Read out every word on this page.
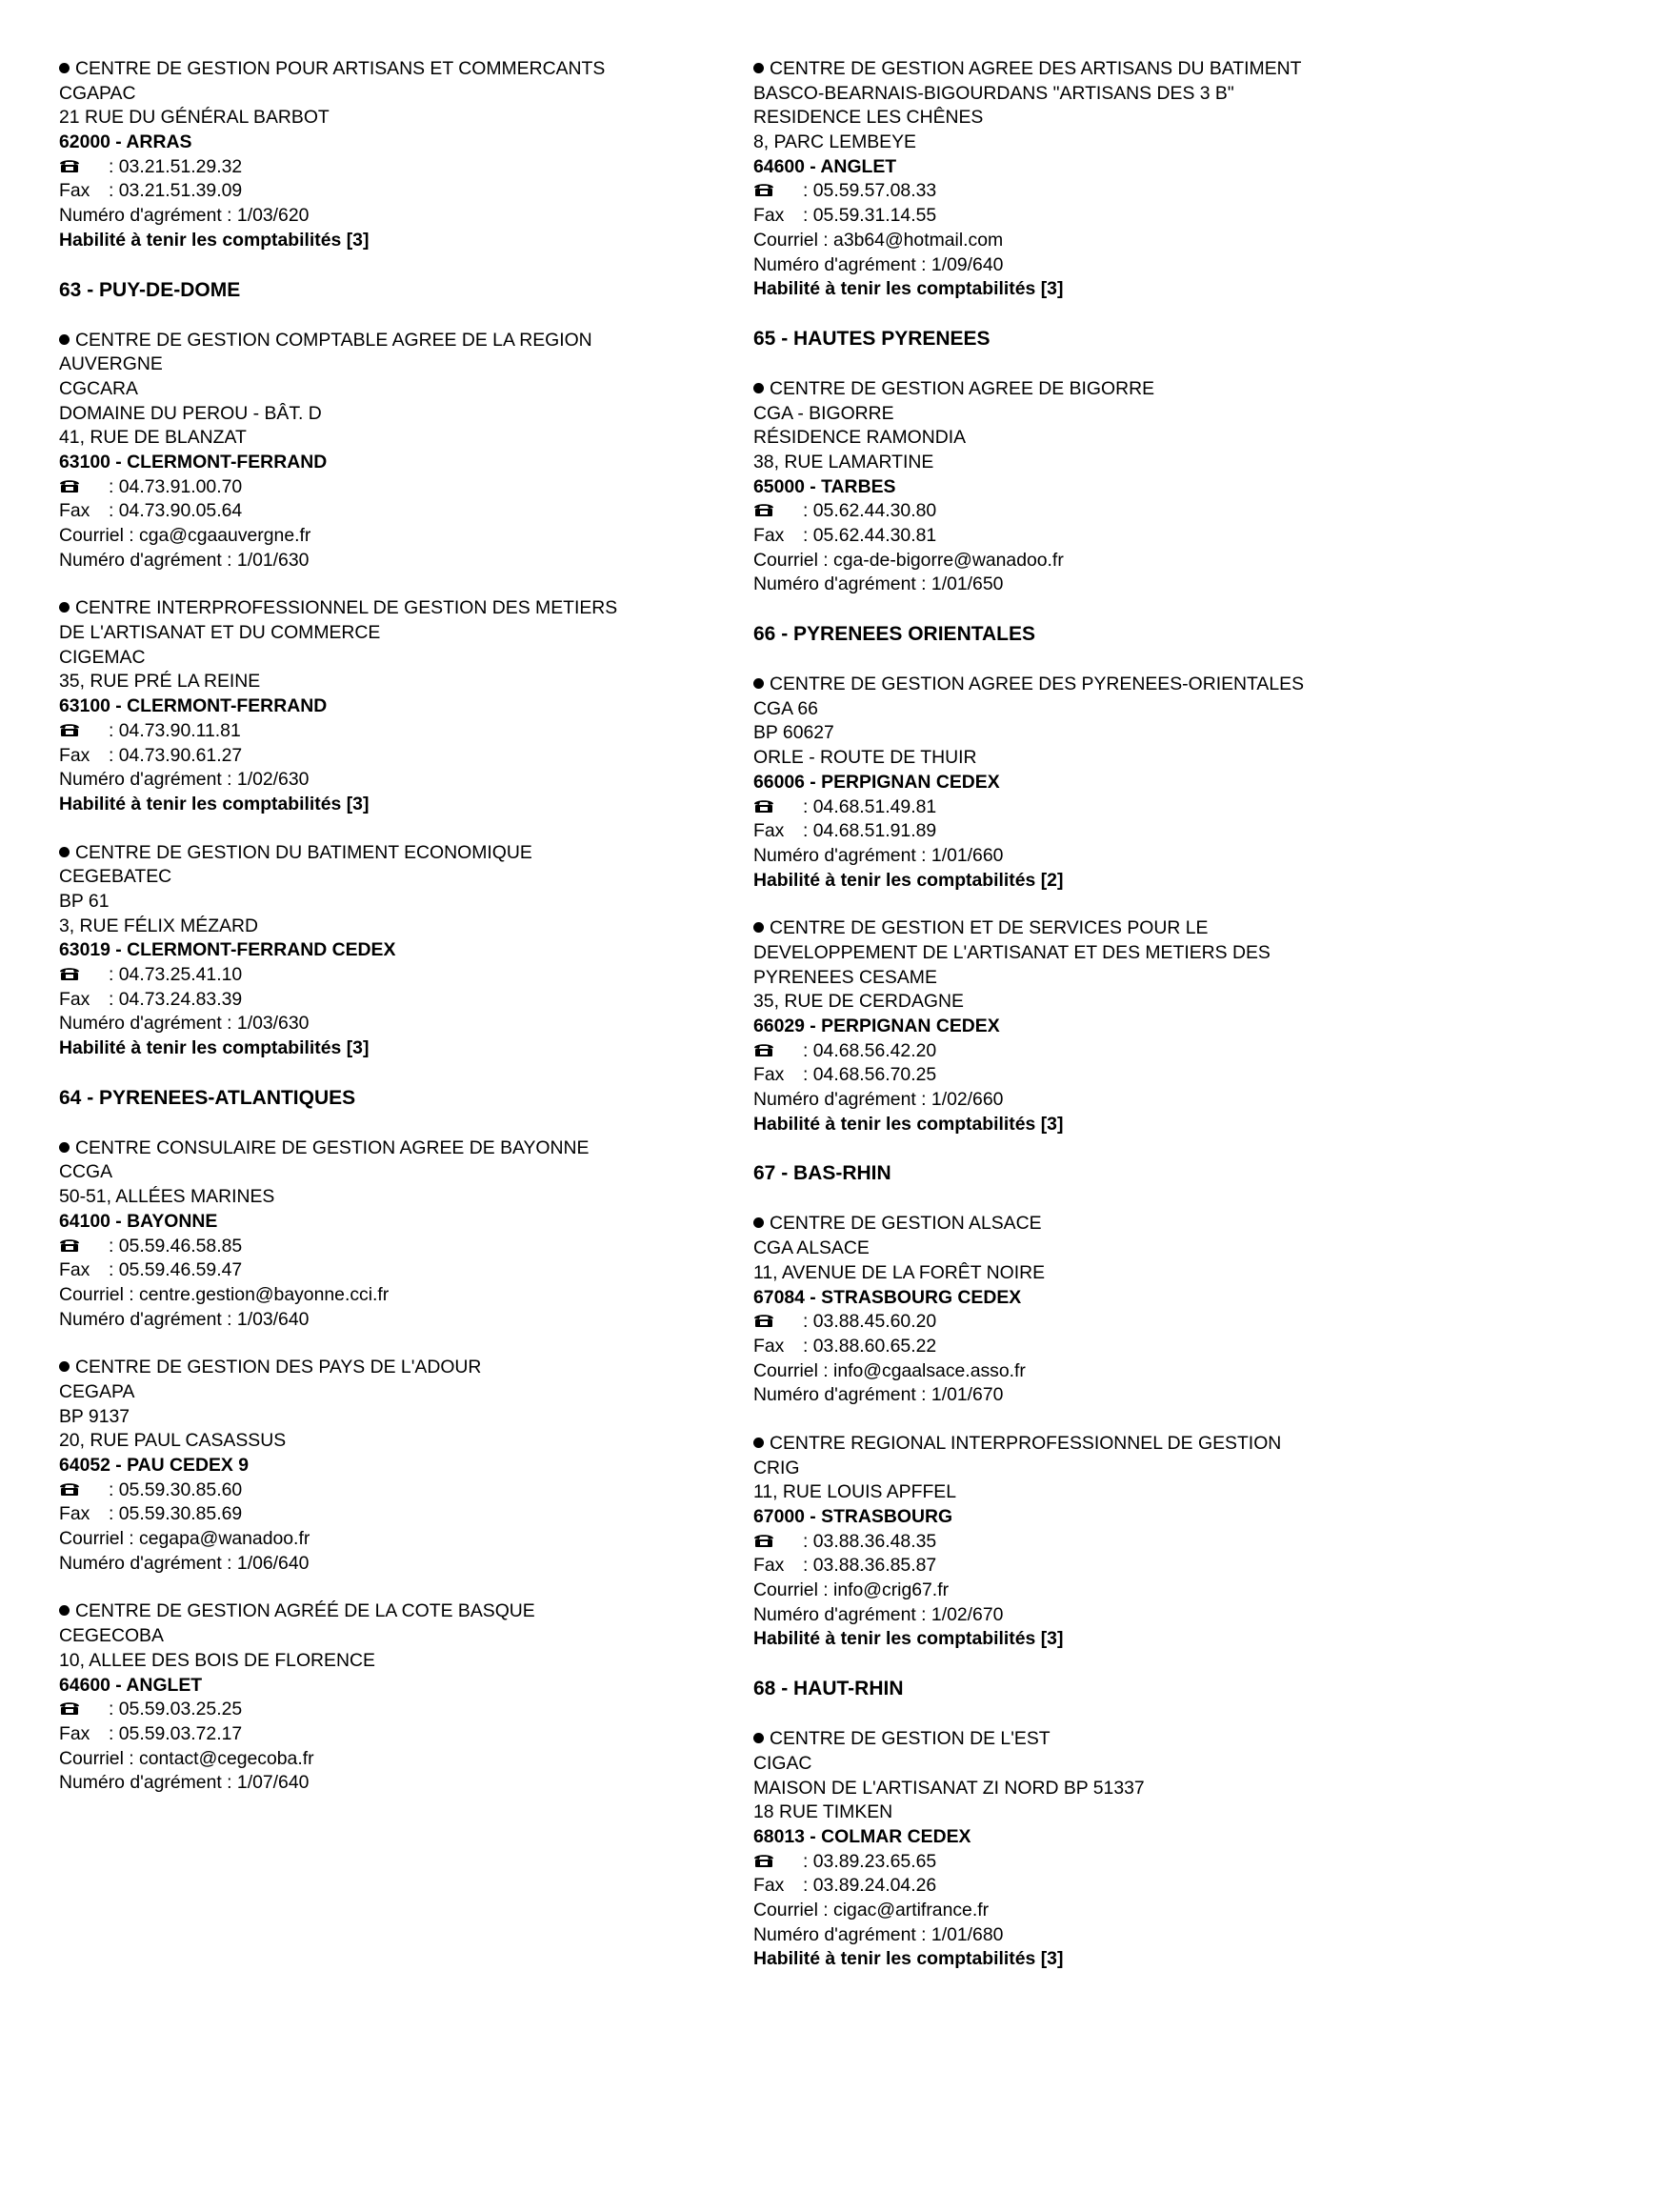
CENTRE DE GESTION POUR ARTISANS ET COMMERCANTS
CGAPAC
21 RUE DU GÉNÉRAL BARBOT
62000 - ARRAS
: 03.21.51.29.32
Fax : 03.21.51.39.09
Numéro d'agrément : 1/03/620
Habilité à tenir les comptabilités [3]
63 - PUY-DE-DOME
CENTRE DE GESTION COMPTABLE AGREE DE LA REGION
AUVERGNE
CGCARA
DOMAINE DU PEROU - BÂT. D
41, RUE DE BLANZAT
63100 - CLERMONT-FERRAND
: 04.73.91.00.70
Fax : 04.73.90.05.64
Courriel : cga@cgaauvergne.fr
Numéro d'agrément : 1/01/630
CENTRE INTERPROFESSIONNEL DE GESTION DES METIERS
DE L'ARTISANAT ET DU COMMERCE
CIGEMAC
35, RUE PRÉ LA REINE
63100 - CLERMONT-FERRAND
: 04.73.90.11.81
Fax : 04.73.90.61.27
Numéro d'agrément : 1/02/630
Habilité à tenir les comptabilités [3]
CENTRE DE GESTION DU BATIMENT ECONOMIQUE
CEGEBATEC
BP 61
3, RUE FÉLIX MÉZARD
63019 - CLERMONT-FERRAND CEDEX
: 04.73.25.41.10
Fax : 04.73.24.83.39
Numéro d'agrément : 1/03/630
Habilité à tenir les comptabilités [3]
64 - PYRENEES-ATLANTIQUES
CENTRE CONSULAIRE DE GESTION AGREE DE BAYONNE
CCGA
50-51, ALLÉES MARINES
64100 - BAYONNE
: 05.59.46.58.85
Fax : 05.59.46.59.47
Courriel : centre.gestion@bayonne.cci.fr
Numéro d'agrément : 1/03/640
CENTRE DE GESTION DES PAYS DE L'ADOUR
CEGAPA
BP 9137
20, RUE PAUL CASASSUS
64052 - PAU CEDEX 9
: 05.59.30.85.60
Fax : 05.59.30.85.69
Courriel : cegapa@wanadoo.fr
Numéro d'agrément : 1/06/640
CENTRE DE GESTION AGRÉÉ DE LA COTE BASQUE
CEGECOBA
10, ALLEE DES BOIS DE FLORENCE
64600 - ANGLET
: 05.59.03.25.25
Fax : 05.59.03.72.17
Courriel : contact@cegecoba.fr
Numéro d'agrément : 1/07/640
CENTRE DE GESTION AGREE DES ARTISANS DU BATIMENT
BASCO-BEARNAIS-BIGOURDANS "ARTISANS DES 3 B"
RESIDENCE LES CHÊNES
8, PARC LEMBEYE
64600 - ANGLET
: 05.59.57.08.33
Fax : 05.59.31.14.55
Courriel : a3b64@hotmail.com
Numéro d'agrément : 1/09/640
Habilité à tenir les comptabilités [3]
65 - HAUTES PYRENEES
CENTRE DE GESTION AGREE DE BIGORRE
CGA - BIGORRE
RÉSIDENCE RAMONDIA
38, RUE LAMARTINE
65000 - TARBES
: 05.62.44.30.80
Fax : 05.62.44.30.81
Courriel : cga-de-bigorre@wanadoo.fr
Numéro d'agrément : 1/01/650
66 - PYRENEES ORIENTALES
CENTRE DE GESTION AGREE DES PYRENEES-ORIENTALES
CGA 66
BP 60627
ORLE - ROUTE DE THUIR
66006 - PERPIGNAN CEDEX
: 04.68.51.49.81
Fax : 04.68.51.91.89
Numéro d'agrément : 1/01/660
Habilité à tenir les comptabilités [2]
CENTRE DE GESTION ET DE SERVICES POUR LE
DEVELOPPEMENT DE L'ARTISANAT ET DES METIERS DES
PYRENEES CESAME
35, RUE DE CERDAGNE
66029 - PERPIGNAN CEDEX
: 04.68.56.42.20
Fax : 04.68.56.70.25
Numéro d'agrément : 1/02/660
Habilité à tenir les comptabilités [3]
67 - BAS-RHIN
CENTRE DE GESTION ALSACE
CGA ALSACE
11, AVENUE DE LA FORÊT NOIRE
67084 - STRASBOURG CEDEX
: 03.88.45.60.20
Fax : 03.88.60.65.22
Courriel : info@cgaalsace.asso.fr
Numéro d'agrément : 1/01/670
CENTRE REGIONAL INTERPROFESSIONNEL DE GESTION
CRIG
11, RUE LOUIS APFFEL
67000 - STRASBOURG
: 03.88.36.48.35
Fax : 03.88.36.85.87
Courriel : info@crig67.fr
Numéro d'agrément : 1/02/670
Habilité à tenir les comptabilités [3]
68 - HAUT-RHIN
CENTRE DE GESTION DE L'EST
CIGAC
MAISON DE L'ARTISANAT ZI NORD BP 51337
18 RUE TIMKEN
68013 - COLMAR CEDEX
: 03.89.23.65.65
Fax : 03.89.24.04.26
Courriel : cigac@artifrance.fr
Numéro d'agrément : 1/01/680
Habilité à tenir les comptabilités [3]
